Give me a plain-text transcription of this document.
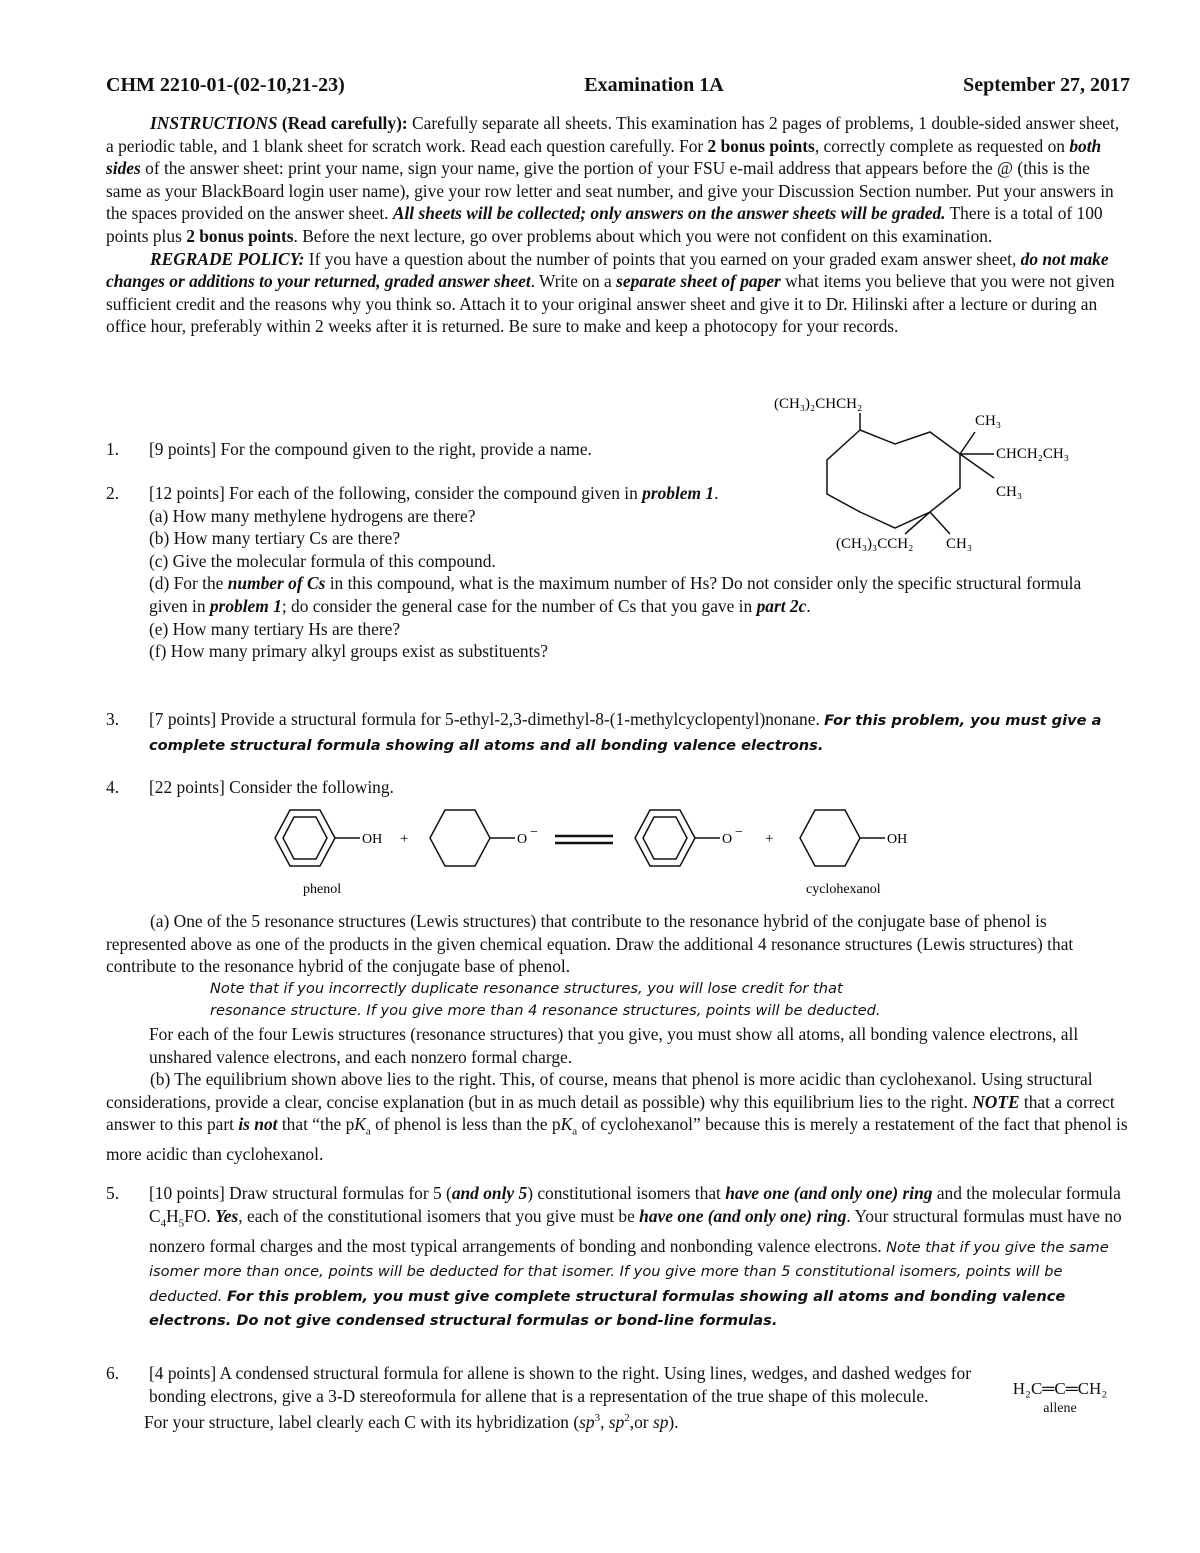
CHM 2210-01-(02-10,21-23)	Examination 1A	September 27, 2017

INSTRUCTIONS (Read carefully): Carefully separate all sheets. This examination has 2 pages of problems, 1 double-sided answer sheet, a periodic table, and 1 blank sheet for scratch work. Read each question carefully. For 2 bonus points, correctly complete as requested on both sides of the answer sheet: print your name, sign your name, give the portion of your FSU e-mail address that appears before the @ (this is the same as your BlackBoard login user name), give your row letter and seat number, and give your Discussion Section number. Put your answers in the spaces provided on the answer sheet. All sheets will be collected; only answers on the answer sheets will be graded. There is a total of 100 points plus 2 bonus points. Before the next lecture, go over problems about which you were not confident on this examination.

REGRADE POLICY: If you have a question about the number of points that you earned on your graded exam answer sheet, do not make changes or additions to your returned, graded answer sheet. Write on a separate sheet of paper what items you believe that you were not given sufficient credit and the reasons why you think so. Attach it to your original answer sheet and give it to Dr. Hilinski after a lecture or during an office hour, preferably within 2 weeks after it is returned. Be sure to make and keep a photocopy for your records.

(CH₃)₂CHCH₂
CH₃
CHCH₂CH₃
CH₃
(CH₃)₃CCH₂ CH₃
1.	[9 points] For the compound given to the right, provide a name.

2.	[12 points] For each of the following, consider the compound given in problem 1.

(a) How many methylene hydrogens are there?

(b) How many tertiary Cs are there?

(c) Give the molecular formula of this compound.

(d) For the number of Cs in this compound, what is the maximum number of Hs? Do not consider only the specific structural formula given in problem 1; do consider the general case for the number of Cs that you gave in part 2c.

(e) How many tertiary Hs are there?

(f) How many primary alkyl groups exist as substituents?

3.	[7 points] Provide a structural formula for 5-ethyl-2,3-dimethyl-8-(1-methylcyclopentyl)nonane. For this problem, you must give a complete structural formula showing all atoms and all bonding valence electrons.

4.	[22 points] Consider the following.

OH +	O −	O − +	OH
phenol	cyclohexanol

(a) One of the 5 resonance structures (Lewis structures) that contribute to the resonance hybrid of the conjugate base of phenol is represented above as one of the products in the given chemical equation. Draw the additional 4 resonance structures (Lewis structures) that contribute to the resonance hybrid of the conjugate base of phenol.

Note that if you incorrectly duplicate resonance structures, you will lose credit for that

resonance structure. If you give more than 4 resonance structures, points will be deducted.

For each of the four Lewis structures (resonance structures) that you give, you must show all atoms, all bonding valence electrons, all unshared valence electrons, and each nonzero formal charge.

(b) The equilibrium shown above lies to the right. This, of course, means that phenol is more acidic than cyclohexanol. Using structural considerations, provide a clear, concise explanation (but in as much detail as possible) why this equilibrium lies to the right. NOTE that a correct answer to this part is not that “the $pK_a$ of phenol is less than the $pK_a$ of cyclohexanol” because this is merely a restatement of the fact that phenol is more acidic than cyclohexanol.

5.	[10 points] Draw structural formulas for 5 (and only 5) constitutional isomers that have one (and only one) ring and the molecular formula $C_4H_5FO$. Yes, each of the constitutional isomers that you give must be have one (and only one) ring. Your structural formulas must have no nonzero formal charges and the most typical arrangements of bonding and nonbonding valence electrons. Note that if you give the same isomer more than once, points will be deducted for that isomer. If you give more than 5 constitutional isomers, points will be deducted. For this problem, you must give complete structural formulas showing all atoms and bonding valence electrons. Do not give condensed structural formulas or bond-line formulas.

6.	[4 points] A condensed structural formula for allene is shown to the right. Using lines, wedges, and dashed wedges for bonding electrons, give a 3-D stereoformula for allene that is a representation of the true shape of this molecule.

For your structure, label clearly each C with its hybridization ($sp^3$, $sp^2,or$ sp).

H₂C═C═CH₂
allene
